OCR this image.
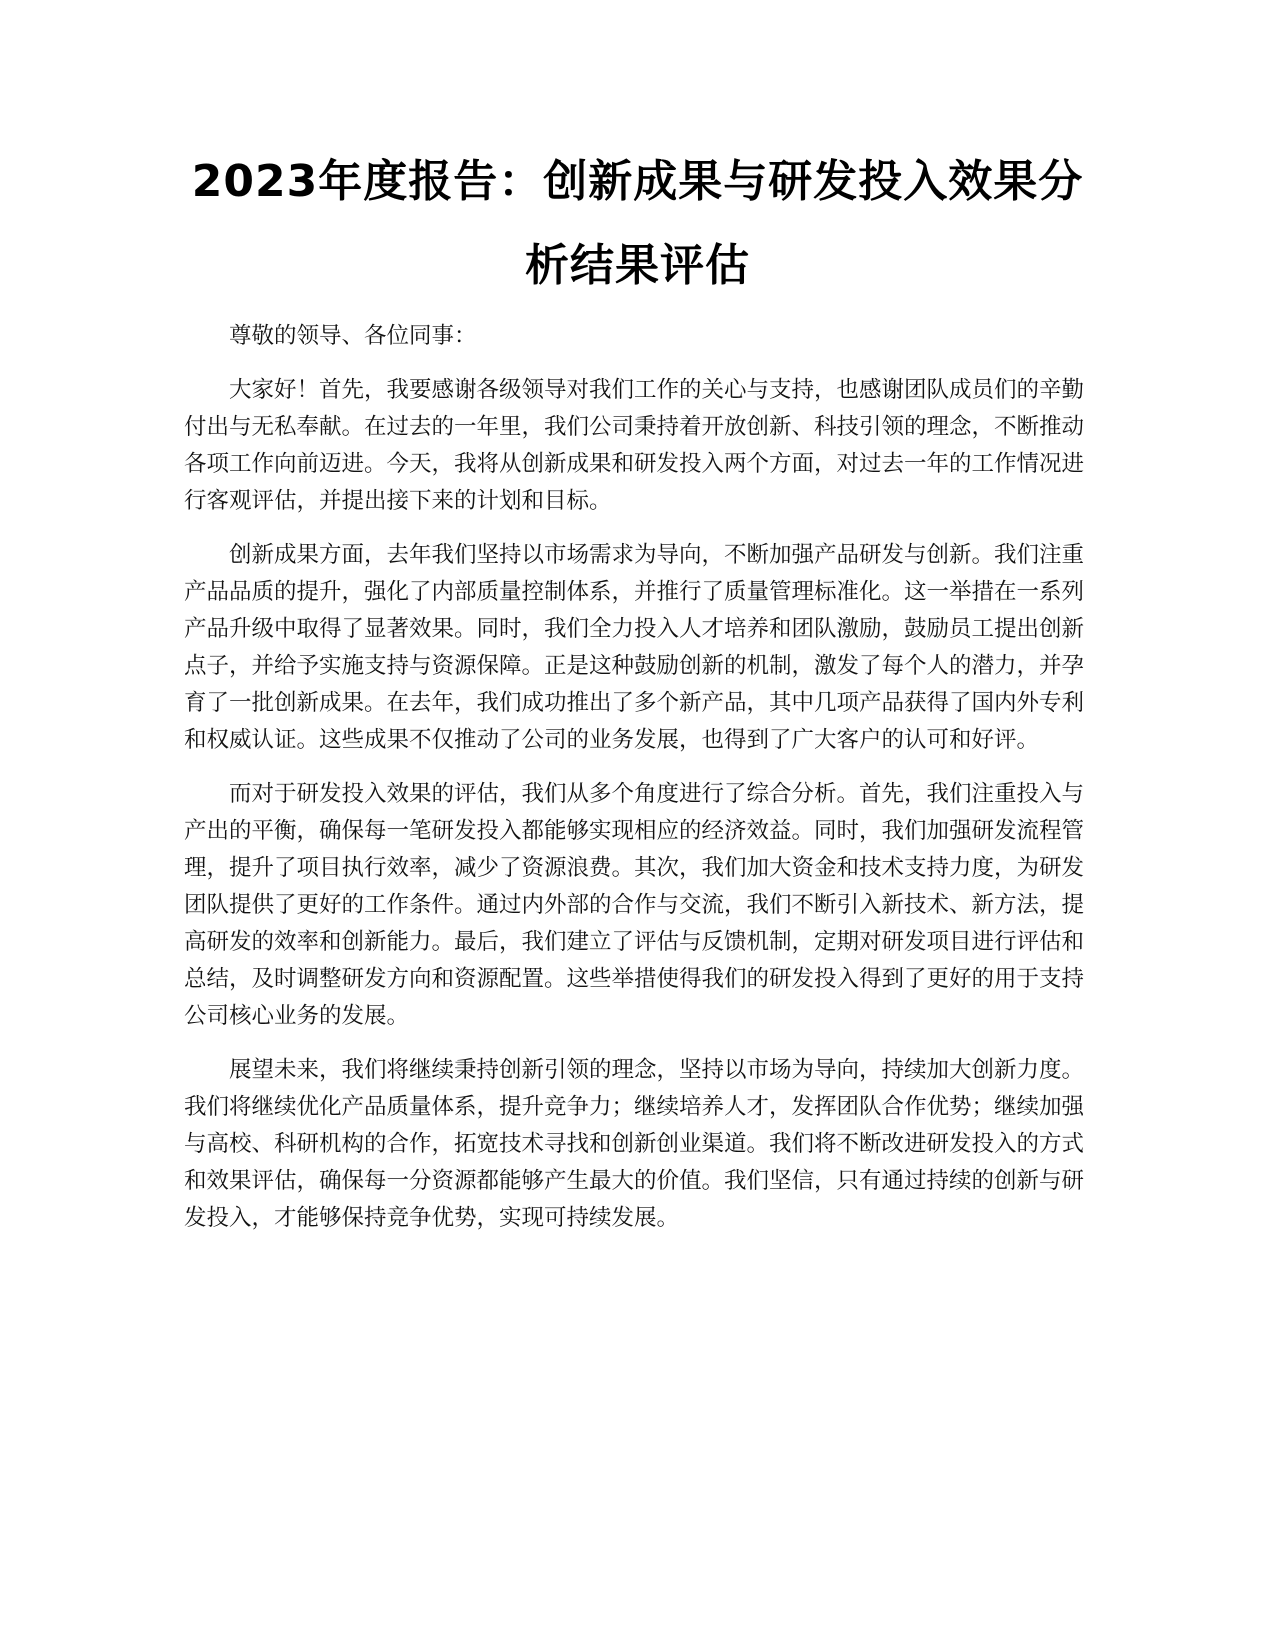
2023年度报告：创新成果与研发投入效果分析结果评估

尊敬的领导、各位同事：

大家好！首先，我要感谢各级领导对我们工作的关心与支持，也感谢团队成员们的辛勤付出与无私奉献。在过去的一年里，我们公司秉持着开放创新、科技引领的理念，不断推动各项工作向前迈进。今天，我将从创新成果和研发投入两个方面，对过去一年的工作情况进行客观评估，并提出接下来的计划和目标。

创新成果方面，去年我们坚持以市场需求为导向，不断加强产品研发与创新。我们注重产品品质的提升，强化了内部质量控制体系，并推行了质量管理标准化。这一举措在一系列产品升级中取得了显著效果。同时，我们全力投入人才培养和团队激励，鼓励员工提出创新点子，并给予实施支持与资源保障。正是这种鼓励创新的机制，激发了每个人的潜力，并孕育了一批创新成果。在去年，我们成功推出了多个新产品，其中几项产品获得了国内外专利和权威认证。这些成果不仅推动了公司的业务发展，也得到了广大客户的认可和好评。

而对于研发投入效果的评估，我们从多个角度进行了综合分析。首先，我们注重投入与产出的平衡，确保每一笔研发投入都能够实现相应的经济效益。同时，我们加强研发流程管理，提升了项目执行效率，减少了资源浪费。其次，我们加大资金和技术支持力度，为研发团队提供了更好的工作条件。通过内外部的合作与交流，我们不断引入新技术、新方法，提高研发的效率和创新能力。最后，我们建立了评估与反馈机制，定期对研发项目进行评估和总结，及时调整研发方向和资源配置。这些举措使得我们的研发投入得到了更好的用于支持公司核心业务的发展。

展望未来，我们将继续秉持创新引领的理念，坚持以市场为导向，持续加大创新力度。我们将继续优化产品质量体系，提升竞争力；继续培养人才，发挥团队合作优势；继续加强与高校、科研机构的合作，拓宽技术寻找和创新创业渠道。我们将不断改进研发投入的方式和效果评估，确保每一分资源都能够产生最大的价值。我们坚信，只有通过持续的创新与研发投入，才能够保持竞争优势，实现可持续发展。
